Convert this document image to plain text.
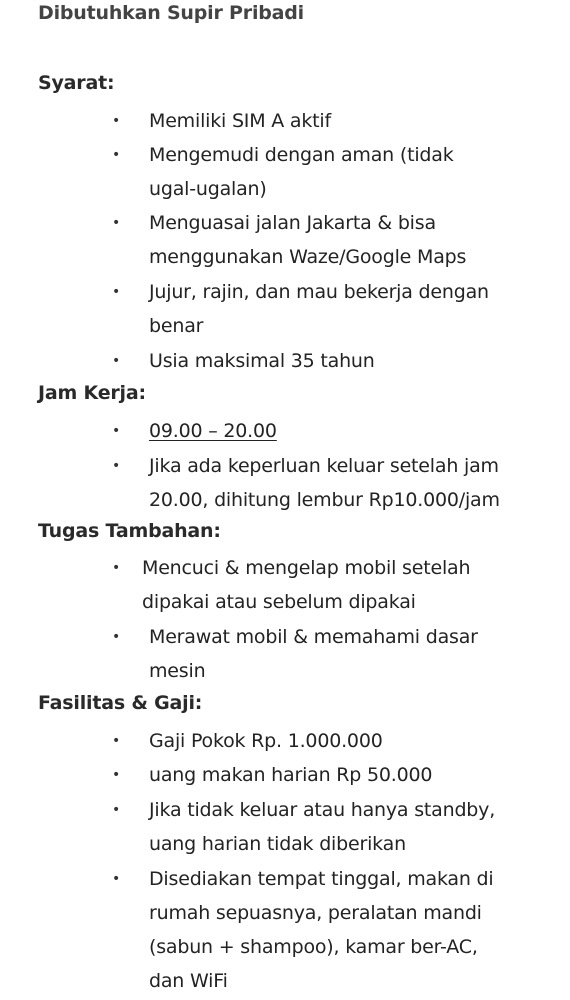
Dibutuhkan Supir Pribadi
Syarat:
• Memiliki SIM A aktif
• Mengemudi dengan aman (tidak
ugal-ugalan)
• Menguasai jalan Jakarta & bisa
menggunakan Waze/Google Maps
• Jujur, rajin, dan mau bekerja dengan
benar
• Usia maksimal 35 tahun
Jam Kerja:
• 09.00 – 20.00
• Jika ada keperluan keluar setelah jam
20.00, dihitung lembur Rp10.000/jam
Tugas Tambahan:
• Mencuci & mengelap mobil setelah
dipakai atau sebelum dipakai
• Merawat mobil & memahami dasar
mesin
Fasilitas & Gaji:
• Gaji Pokok Rp. 1.000.000
• uang makan harian Rp 50.000
• Jika tidak keluar atau hanya standby,
uang harian tidak diberikan
• Disediakan tempat tinggal, makan di
rumah sepuasnya, peralatan mandi
(sabun + shampoo), kamar ber-AC,
dan WiFi
